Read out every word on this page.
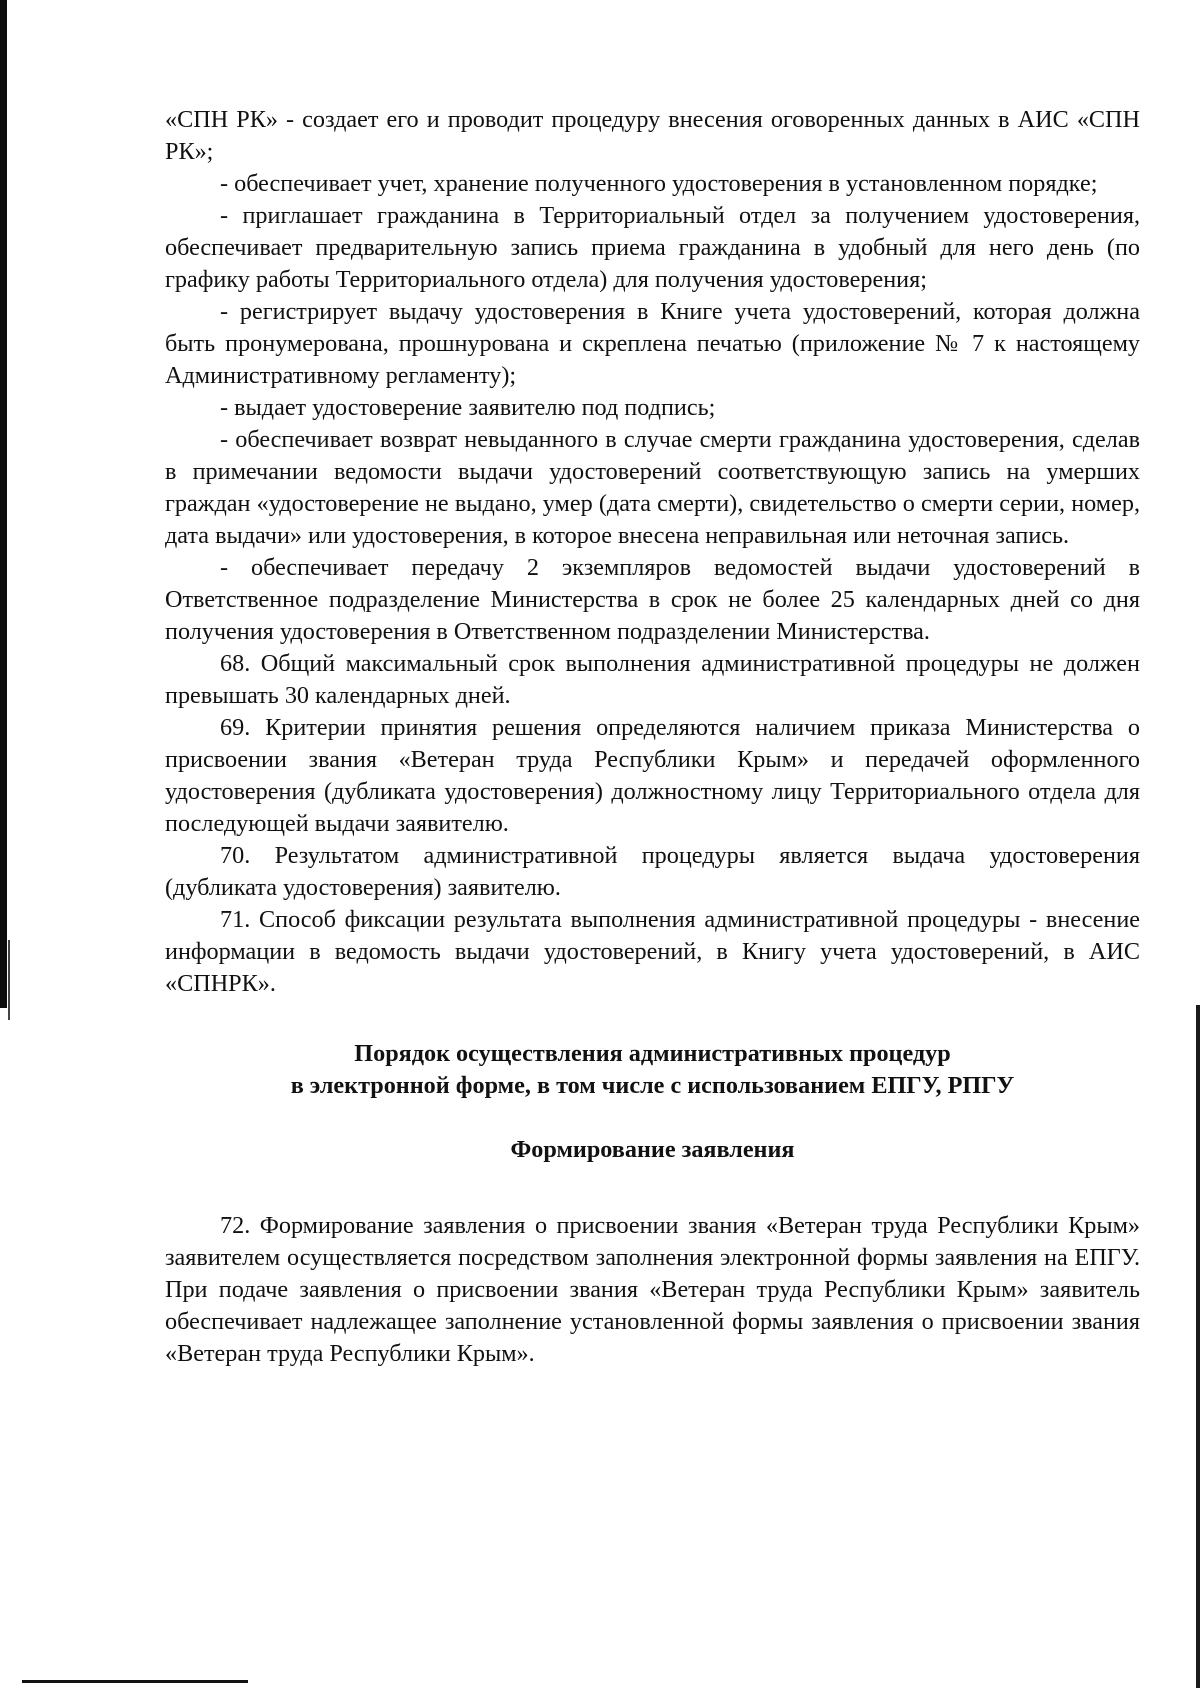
«СПН РК» - создает его и проводит процедуру внесения оговоренных данных в АИС «СПН РК»;

- обеспечивает учет, хранение полученного удостоверения в установленном порядке;

- приглашает гражданина в Территориальный отдел за получением удостоверения, обеспечивает предварительную запись приема гражданина в удобный для него день (по графику работы Территориального отдела) для получения удостоверения;

- регистрирует выдачу удостоверения в Книге учета удостоверений, которая должна быть пронумерована, прошнурована и скреплена печатью (приложение № 7 к настоящему Административному регламенту);

- выдает удостоверение заявителю под подпись;

- обеспечивает возврат невыданного в случае смерти гражданина удостоверения, сделав в примечании ведомости выдачи удостоверений соответствующую запись на умерших граждан «удостоверение не выдано, умер (дата смерти), свидетельство о смерти серии, номер, дата выдачи» или удостоверения, в которое внесена неправильная или неточная запись.

- обеспечивает передачу 2 экземпляров ведомостей выдачи удостоверений в Ответственное подразделение Министерства в срок не более 25 календарных дней со дня получения удостоверения в Ответственном подразделении Министерства.

68. Общий максимальный срок выполнения административной процедуры не должен превышать 30 календарных дней.

69. Критерии принятия решения определяются наличием приказа Министерства о присвоении звания «Ветеран труда Республики Крым» и передачей оформленного удостоверения (дубликата удостоверения) должностному лицу Территориального отдела для последующей выдачи заявителю.

70. Результатом административной процедуры является выдача удостоверения (дубликата удостоверения) заявителю.

71. Способ фиксации результата выполнения административной процедуры - внесение информации в ведомость выдачи удостоверений, в Книгу учета удостоверений, в АИС «СПНРК».

Порядок осуществления административных процедур

в электронной форме, в том числе с использованием ЕПГУ, РПГУ

Формирование заявления

72. Формирование заявления о присвоении звания «Ветеран труда Республики Крым» заявителем осуществляется посредством заполнения электронной формы заявления на ЕПГУ. При подаче заявления о присвоении звания «Ветеран труда Республики Крым» заявитель обеспечивает надлежащее заполнение установленной формы заявления о присвоении звания «Ветеран труда Республики Крым».
